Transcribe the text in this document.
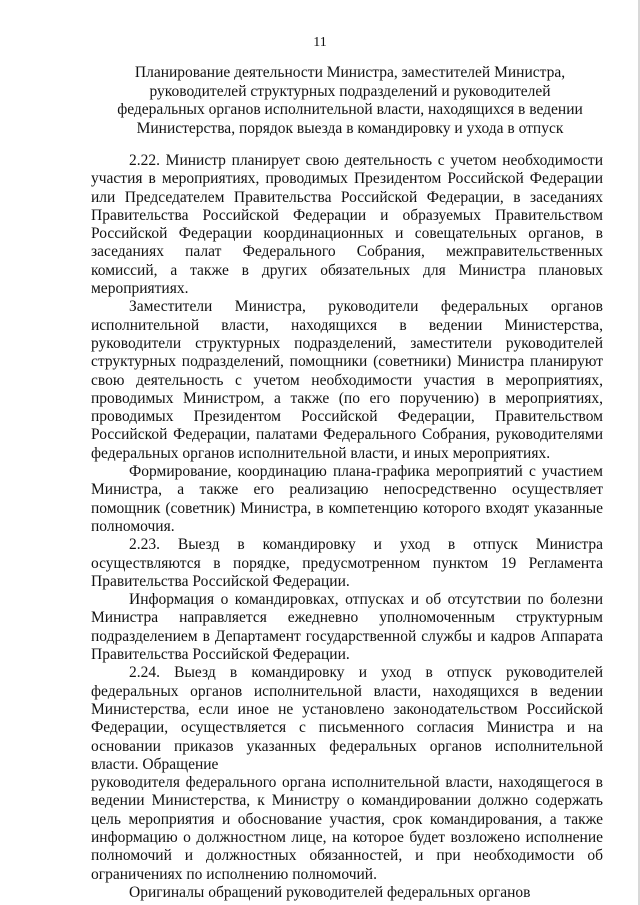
11
Планирование деятельности Министра, заместителей Министра, руководителей структурных подразделений и руководителей федеральных органов исполнительной власти, находящихся в ведении Министерства, порядок выезда в командировку и ухода в отпуск

2.22. Министр планирует свою деятельность с учетом необходимости участия в мероприятиях, проводимых Президентом Российской Федерации или Председателем Правительства Российской Федерации, в заседаниях Правительства Российской Федерации и образуемых Правительством Российской Федерации координационных и совещательных органов, в заседаниях палат Федерального Собрания, межправительственных комиссий, а также в других обязательных для Министра плановых мероприятиях.

Заместители Министра, руководители федеральных органов исполнительной власти, находящихся в ведении Министерства, руководители структурных подразделений, заместители руководителей структурных подразделений, помощники (советники) Министра планируют свою деятельность с учетом необходимости участия в мероприятиях, проводимых Министром, а также (по его поручению) в мероприятиях, проводимых Президентом Российской Федерации, Правительством Российской Федерации, палатами Федерального Собрания, руководителями федеральных органов исполнительной власти, и иных мероприятиях.

Формирование, координацию плана-графика мероприятий с участием Министра, а также его реализацию непосредственно осуществляет помощник (советник) Министра, в компетенцию которого входят указанные полномочия.

2.23. Выезд в командировку и уход в отпуск Министра осуществляются в порядке, предусмотренном пунктом 19 Регламента Правительства Российской Федерации.

Информация о командировках, отпусках и об отсутствии по болезни Министра направляется ежедневно уполномоченным структурным подразделением в Департамент государственной службы и кадров Аппарата Правительства Российской Федерации.

2.24. Выезд в командировку и уход в отпуск руководителей федеральных органов исполнительной власти, находящихся в ведении Министерства, если иное не установлено законодательством Российской Федерации, осуществляется с письменного согласия Министра и на основании приказов указанных федеральных органов исполнительной власти. Обращение

руководителя федерального органа исполнительной власти, находящегося в ведении Министерства, к Министру о командировании должно содержать цель мероприятия и обоснование участия, срок командирования, а также информацию о должностном лице, на которое будет возложено исполнение полномочий и должностных обязанностей, и при необходимости об ограничениях по исполнению полномочий.

Оригиналы обращений руководителей федеральных органов
